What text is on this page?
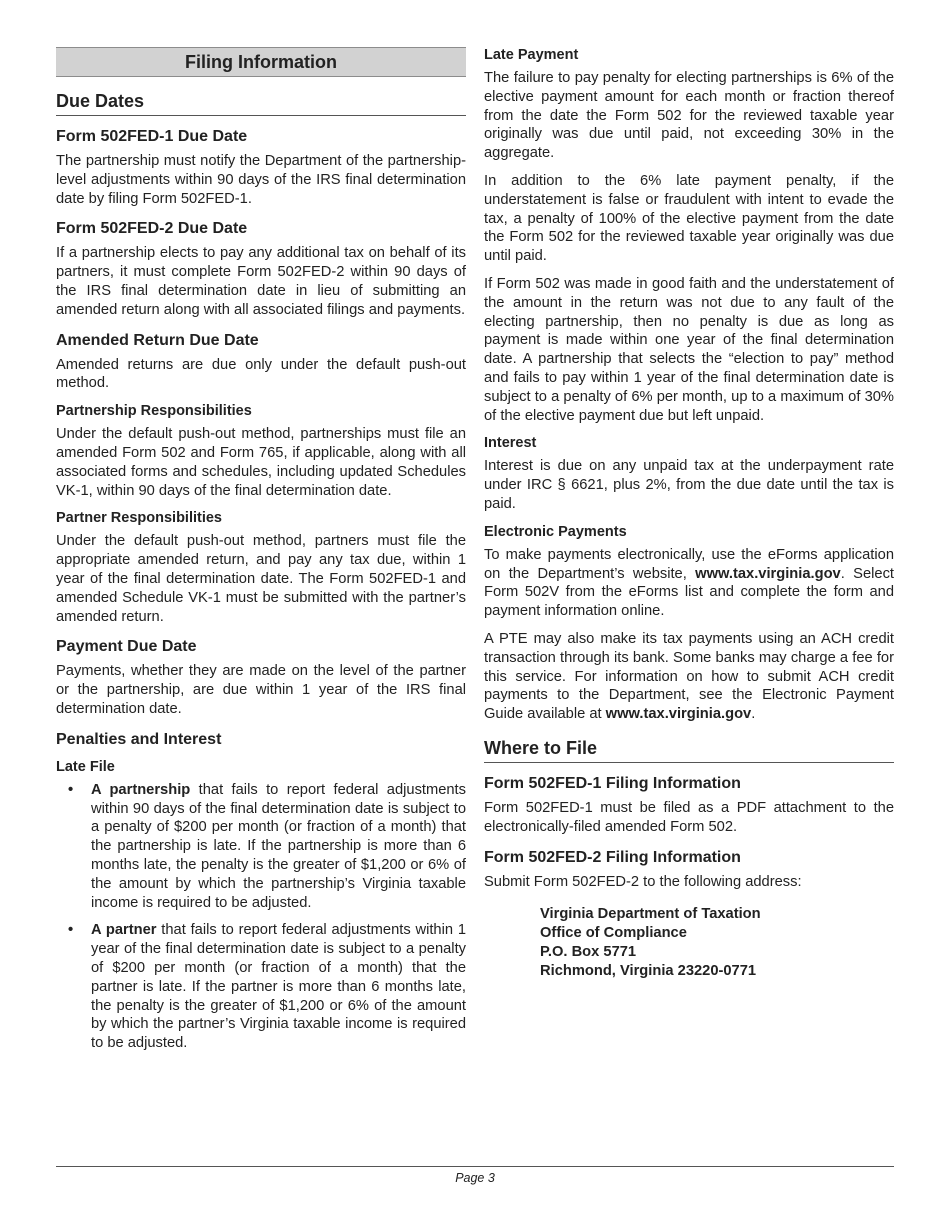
Filing Information
Due Dates
Form 502FED-1 Due Date

The partnership must notify the Department of the partnership-level adjustments within 90 days of the IRS final determination date by filing Form 502FED-1.

Form 502FED-2 Due Date

If a partnership elects to pay any additional tax on behalf of its partners, it must complete Form 502FED-2 within 90 days of the IRS final determination date in lieu of submitting an amended return along with all associated filings and payments.

Amended Return Due Date

Amended returns are due only under the default push-out method.

Partnership Responsibilities

Under the default push-out method, partnerships must file an amended Form 502 and Form 765, if applicable, along with all associated forms and schedules, including updated Schedules VK-1, within 90 days of the final determination date.

Partner Responsibilities

Under the default push-out method, partners must file the appropriate amended return, and pay any tax due, within 1 year of the final determination date. The Form 502FED-1 and amended Schedule VK-1 must be submitted with the partner’s amended return.

Payment Due Date

Payments, whether they are made on the level of the partner or the partnership, are due within 1 year of the IRS final determination date.

Penalties and Interest
Late File
• A partnership that fails to report federal adjustments within 90 days of the final determination date is subject to a penalty of $200 per month (or fraction of a month) that the partnership is late. If the partnership is more than 6 months late, the penalty is the greater of $1,200 or 6% of the amount by which the partnership’s Virginia taxable income is required to be adjusted.
• A partner that fails to report federal adjustments within 1 year of the final determination date is subject to a penalty of $200 per month (or fraction of a month) that the partner is late. If the partner is more than 6 months late, the penalty is the greater of $1,200 or 6% of the amount by which the partner’s Virginia taxable income is required to be adjusted.
Late Payment

The failure to pay penalty for electing partnerships is 6% of the elective payment amount for each month or fraction thereof from the date the Form 502 for the reviewed taxable year originally was due until paid, not exceeding 30% in the aggregate.

In addition to the 6% late payment penalty, if the understatement is false or fraudulent with intent to evade the tax, a penalty of 100% of the elective payment from the date the Form 502 for the reviewed taxable year originally was due until paid.

If Form 502 was made in good faith and the understatement of the amount in the return was not due to any fault of the electing partnership, then no penalty is due as long as payment is made within one year of the final determination date. A partnership that selects the “election to pay” method and fails to pay within 1 year of the final determination date is subject to a penalty of 6% per month, up to a maximum of 30% of the elective payment due but left unpaid.

Interest

Interest is due on any unpaid tax at the underpayment rate under IRC § 6621, plus 2%, from the due date until the tax is paid.

Electronic Payments

To make payments electronically, use the eForms application on the Department’s website, www.tax.virginia.gov. Select Form 502V from the eForms list and complete the form and payment information online.

A PTE may also make its tax payments using an ACH credit transaction through its bank. Some banks may charge a fee for this service. For information on how to submit ACH credit payments to the Department, see the Electronic Payment Guide available at www.tax.virginia.gov.

Where to File
Form 502FED-1 Filing Information

Form 502FED-1 must be filed as a PDF attachment to the electronically-filed amended Form 502.

Form 502FED-2 Filing Information

Submit Form 502FED-2 to the following address:

Virginia Department of Taxation
Office of Compliance
P.O. Box 5771
Richmond, Virginia 23220-0771
Page 3
